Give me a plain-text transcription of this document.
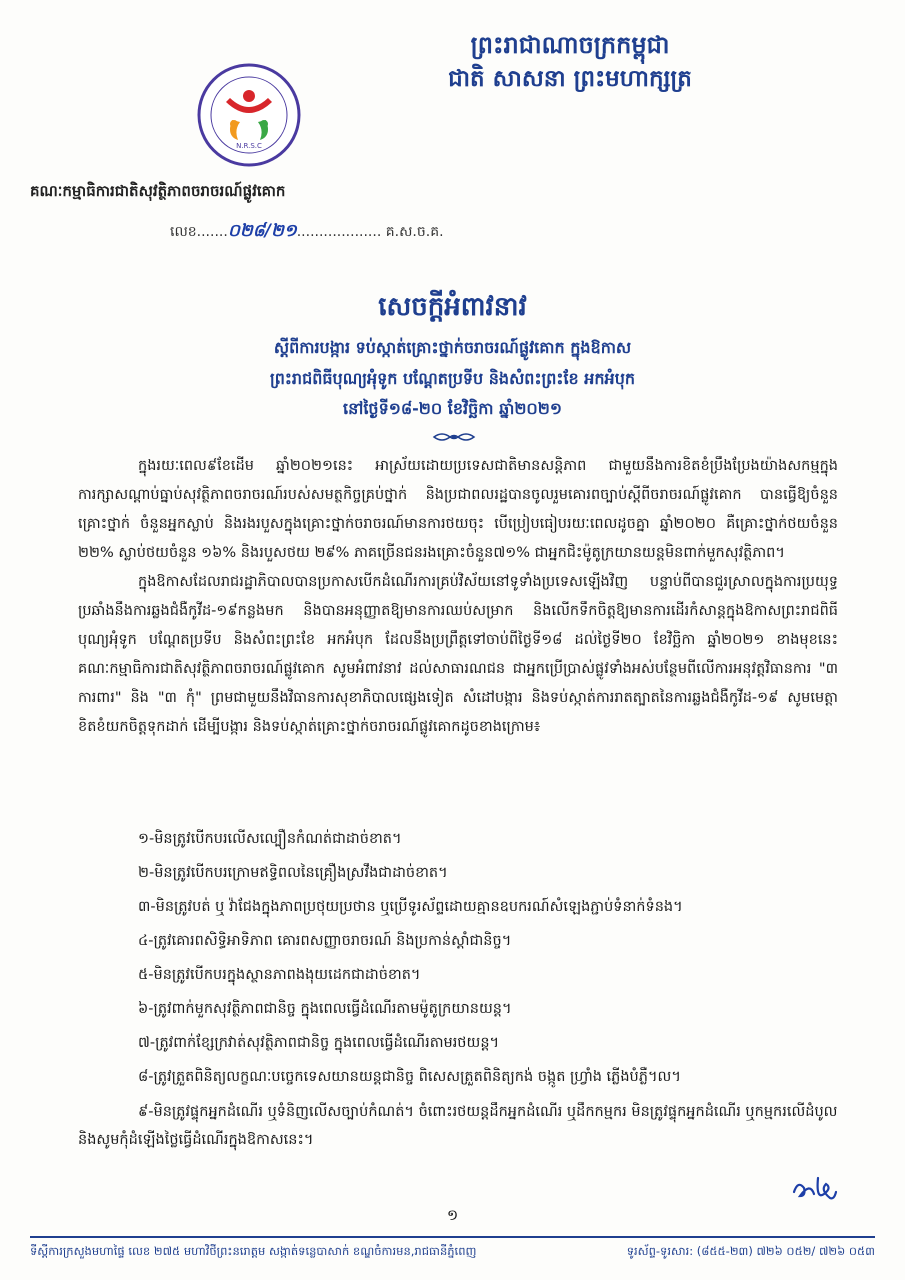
ព្រះរាជាណាចក្រកម្ពុជា
ជាតិ សាសនា ព្រះមហាក្សត្រ
N.R.S.C
គណៈកម្មាធិការជាតិសុវត្ថិភាពចរាចរណ៍ផ្លូវគោក
លេខ.......០២៨/២១................... គ.ស.ច.គ.
សេចក្តីអំពាវនាវ
ស្តីពីការបង្ការ ទប់ស្កាត់គ្រោះថ្នាក់ចរាចរណ៍ផ្លូវគោក ក្នុងឱកាស
ព្រះរាជពិធីបុណ្យអុំទូក បណ្តែតប្រទីប និងសំពះព្រះខែ អកអំបុក
នៅថ្ងៃទី១៨-២០ ខែវិច្ឆិកា ឆ្នាំ២០២១

ក្នុងរយៈពេល៩ខែដើម ឆ្នាំ២០២១នេះ អាស្រ័យដោយប្រទេសជាតិមានសន្តិភាព ជាមួយនឹងការខិតខំប្រឹងប្រែងយ៉ាងសកម្មក្នុងការក្សាសណ្តាប់ធ្នាប់សុវត្ថិភាពចរាចរណ៍របស់សមត្ថកិច្ចគ្រប់ថ្នាក់ និងប្រជាពលរដ្ឋបានចូលរួមគោរពច្បាប់ស្តីពីចរាចរណ៍ផ្លូវគោក បានធ្វើឱ្យចំនួនគ្រោះថ្នាក់ ចំនួនអ្នកស្លាប់ និងរងរបួសក្នុងគ្រោះថ្នាក់ចរាចរណ៍មានការថយចុះ បើប្រៀបធៀបរយៈពេលដូចគ្នា ឆ្នាំ២០២០ គឺគ្រោះថ្នាក់ថយចំនួន ២២% ស្លាប់ថយចំនួន ១៦% និងរបួសថយ ២៩% ភាគច្រើនជនរងគ្រោះចំនួន៧១% ជាអ្នកជិះម៉ូតូក្រយានយន្តមិនពាក់មួកសុវត្ថិភាព។

ក្នុងឱកាសដែលរាជរដ្ឋាភិបាលបានប្រកាសបើកដំណើរការគ្រប់វិស័យនៅទូទាំងប្រទេសឡើងវិញ បន្ទាប់ពីបានជួរស្រាលក្នុងការប្រយុទ្ធប្រឆាំងនឹងការឆ្លងជំងឺកូវីដ-១៩កន្លងមក និងបានអនុញ្ញាតឱ្យមានការឈប់សម្រាក និងលើកទឹកចិត្តឱ្យមានការដើរកំសាន្តក្នុងឱកាសព្រះរាជពិធីបុណ្យអុំទូក បណ្តែតប្រទីប និងសំពះព្រះខែ អកអំបុក ដែលនឹងប្រព្រឹត្តទៅចាប់ពីថ្ងៃទី១៨ ដល់ថ្ងៃទី២០ ខែវិច្ឆិកា ឆ្នាំ២០២១ ខាងមុខនេះ គណៈកម្មាធិការជាតិសុវត្ថិភាពចរាចរណ៍ផ្លូវគោក សូមអំពាវនាវ ដល់សាធារណជន ជាអ្នកប្រើប្រាស់ផ្លូវទាំងអស់បន្ថែមពីលើការអនុវត្តវិធានការ "៣ ការពារ" និង "៣ កុំ" ព្រមជាមួយនឹងវិធានការសុខាភិបាលផ្សេងទៀត សំដៅបង្ការ និងទប់ស្កាត់ការរាតត្បាតនៃការឆ្លងជំងឺកូវីដ-១៩ សូមមេត្តាខិតខំយកចិត្តទុកដាក់ ដើម្បីបង្ការ និងទប់ស្កាត់គ្រោះថ្នាក់ចរាចរណ៍ផ្លូវគោកដូចខាងក្រោម៖

១-មិនត្រូវបើកបរលើសល្បឿនកំណត់ជាដាច់ខាត។
២-មិនត្រូវបើកបរក្រោមឥទ្ធិពលនៃគ្រឿងស្រវឹងជាដាច់ខាត។
៣-មិនត្រូវបត់ ឬ វ៉ាជែងក្នុងភាពប្រថុយប្រថាន ឬប្រើទូរស័ព្ទដោយគ្មានឧបករណ៍សំឡេងភ្ជាប់ទំនាក់ទំនង។
៤-ត្រូវគោរពសិទ្ធិអាទិភាព គោរពសញ្ញាចរាចរណ៍ និងប្រកាន់ស្តាំជានិច្ច។
៥-មិនត្រូវបើកបរក្នុងស្ថានភាពងងុយដេកជាដាច់ខាត។
៦-ត្រូវពាក់មួកសុវត្ថិភាពជានិច្ច ក្នុងពេលធ្វើដំណើរតាមម៉ូតូក្រយានយន្ត។
៧-ត្រូវពាក់ខ្សែក្រវាត់សុវត្ថិភាពជានិច្ច ក្នុងពេលធ្វើដំណើរតាមរថយន្ត។
៨-ត្រូវត្រួតពិនិត្យលក្ខណៈបច្ចេកទេសយានយន្តជានិច្ច ពិសេសត្រួតពិនិត្យកង់ ចង្កូត ហ្វ្រាំង ភ្លើងបំភ្លឺ។ល។
៩-មិនត្រូវផ្ទុកអ្នកដំណើរ ឬទំនិញលើសច្បាប់កំណត់។ ចំពោះរថយន្តដឹកអ្នកដំណើរ ឬដឹកកម្មករ មិនត្រូវផ្ទុកអ្នកដំណើរ ឬកម្មករលើដំបូល និងសូមកុំដំឡើងថ្លៃធ្វើដំណើរក្នុងឱកាសនេះ។
១
ទីស្តីការក្រសួងមហាផ្ទៃ លេខ ២៧៥ មហាវិថីព្រះនរោត្តម សង្កាត់ទន្លេបាសាក់ ខណ្ឌចំការមន,រាជធានីភ្នំពេញ	ទូរស័ព្ទ-ទូរសារ: (៨៥៥-២៣) ៧២៦ ០៥២/ ៧២៦ ០៥៣
